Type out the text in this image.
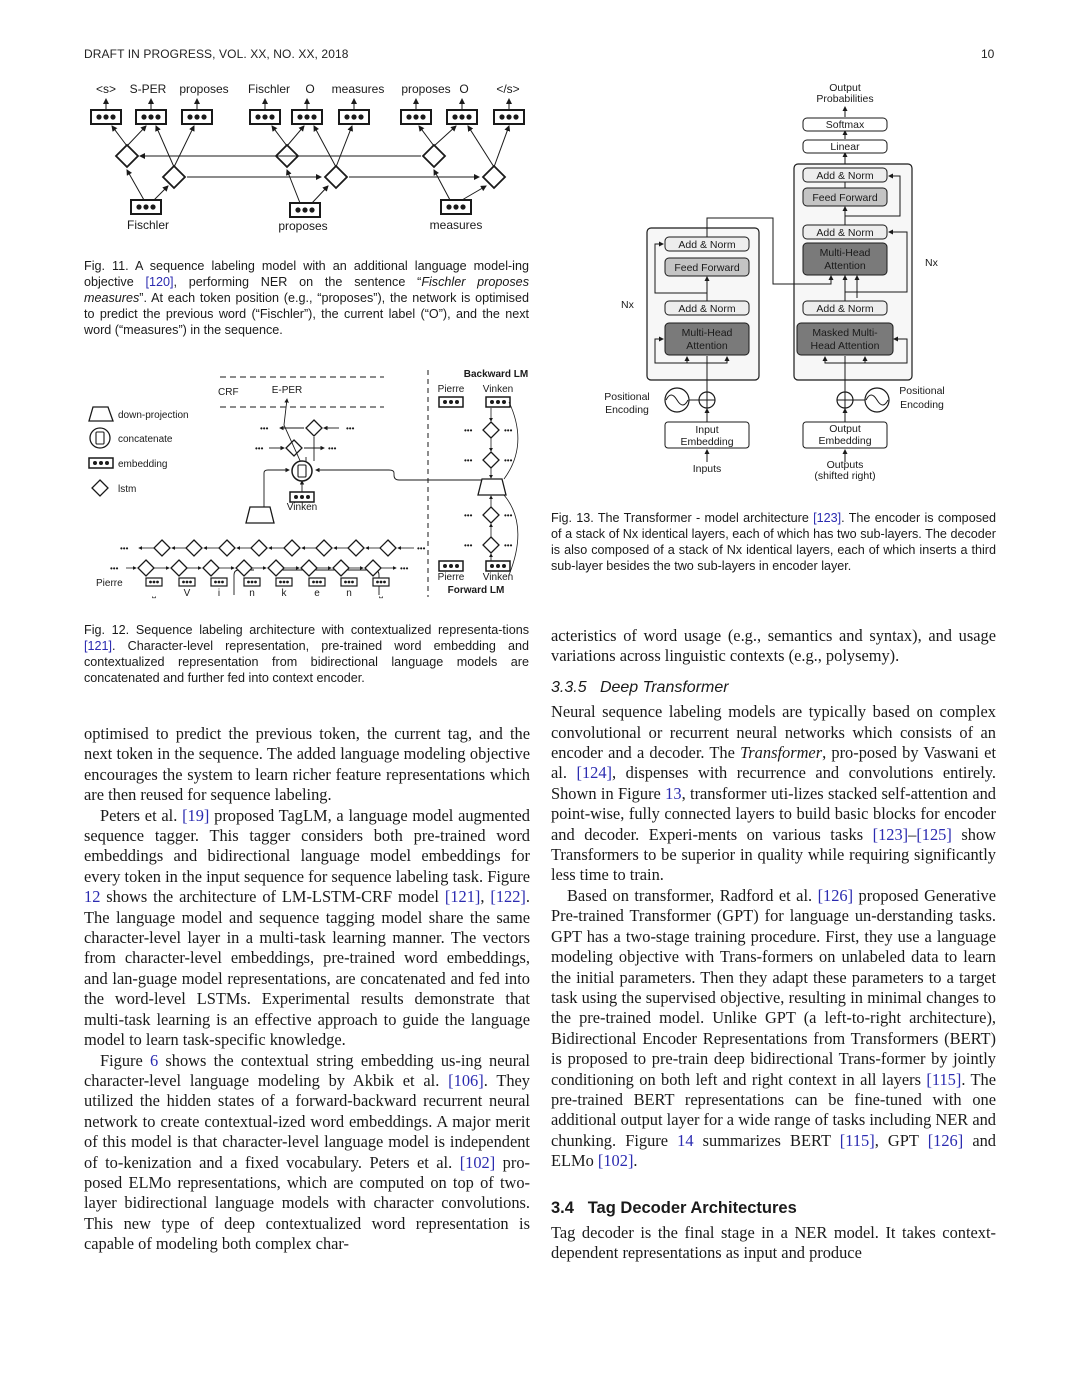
DRAFT IN PROGRESS, VOL. XX, NO. XX, 2018	10
<s> S-PER proposes Fischler O measures proposes O </s>
Fischler	proposes	measures
Fig. 11. A sequence labeling model with an additional language model-ing objective [120], performing NER on the sentence “Fischler proposes measures”. At each token position (e.g., “proposes”), the network is optimised to predict the previous word (“Fischler”), the current label (“O”), and the next word (“measures”) in the sequence.
down-projection
concatenate
embedding
lstm
CRF	E-PER
•••	•••
•••	•••
Vinken
•••	•••
•••	•••
Pierre
˽	V	i	n	k	e	n	˽
Backward LM
Pierre Vinken
•••	•••
•••	•••
•••	•••
•••	•••
Pierre Vinken
Forward LM
Fig. 12. Sequence labeling architecture with contextualized representa-tions [121]. Character-level representation, pre-trained word embedding and contextualized representation from bidirectional language models are concatenated and further fed into context encoder.
Output
Probabilities
Softmax
Linear
Add & Norm
Feed Forward
Add & Norm
Multi-Head
Attention
Add & Norm
Masked Multi-
Head Attention
Nx
Add & Norm
Feed Forward
Add & Norm
Multi-Head
Attention
Nx
Positional
Encoding
Positional
Encoding
Input
Embedding
Output
Embedding
Inputs	Outputs
(shifted right)
Fig. 13. The Transformer - model architecture [123]. The encoder is composed of a stack of Nx identical layers, each of which has two sub-layers. The decoder is also composed of a stack of Nx identical layers, each of which inserts a third sub-layer besides the two sub-layers in encoder layer.

optimised to predict the previous token, the current tag, and the next token in the sequence. The added language modeling objective encourages the system to learn richer feature representations which are then reused for sequence labeling.

Peters et al. [19] proposed TagLM, a language model augmented sequence tagger. This tagger considers both pre-trained word embeddings and bidirectional language model embeddings for every token in the input sequence for sequence labeling task. Figure 12 shows the architecture of LM-LSTM-CRF model [121], [122]. The language model and sequence tagging model share the same character-level layer in a multi-task learning manner. The vectors from character-level embeddings, pre-trained word embeddings, and lan-guage model representations, are concatenated and fed into the word-level LSTMs. Experimental results demonstrate that multi-task learning is an effective approach to guide the language model to learn task-specific knowledge.

Figure 6 shows the contextual string embedding us-ing neural character-level language modeling by Akbik et al. [106]. They utilized the hidden states of a forward-backward recurrent neural network to create contextual-ized word embeddings. A major merit of this model is that character-level language model is independent of to-kenization and a fixed vocabulary. Peters et al. [102] pro-posed ELMo representations, which are computed on top of two-layer bidirectional language models with character convolutions. This new type of deep contextualized word representation is capable of modeling both complex char-

acteristics of word usage (e.g., semantics and syntax), and usage variations across linguistic contexts (e.g., polysemy).

3.3.5 Deep Transformer

Neural sequence labeling models are typically based on complex convolutional or recurrent neural networks which consists of an encoder and a decoder. The Transformer, pro-posed by Vaswani et al. [124], dispenses with recurrence and convolutions entirely. Shown in Figure 13, transformer uti-lizes stacked self-attention and point-wise, fully connected layers to build basic blocks for encoder and decoder. Experi-ments on various tasks [123]–[125] show Transformers to be superior in quality while requiring significantly less time to train.

Based on transformer, Radford et al. [126] proposed Generative Pre-trained Transformer (GPT) for language un-derstanding tasks. GPT has a two-stage training procedure. First, they use a language modeling objective with Trans-formers on unlabeled data to learn the initial parameters. Then they adapt these parameters to a target task using the supervised objective, resulting in minimal changes to the pre-trained model. Unlike GPT (a left-to-right architecture), Bidirectional Encoder Representations from Transformers (BERT) is proposed to pre-train deep bidirectional Trans-former by jointly conditioning on both left and right context in all layers [115]. The pre-trained BERT representations can be fine-tuned with one additional output layer for a wide range of tasks including NER and chunking. Figure 14 summarizes BERT [115], GPT [126] and ELMo [102].

3.4 Tag Decoder Architectures

Tag decoder is the final stage in a NER model. It takes context-dependent representations as input and produce
